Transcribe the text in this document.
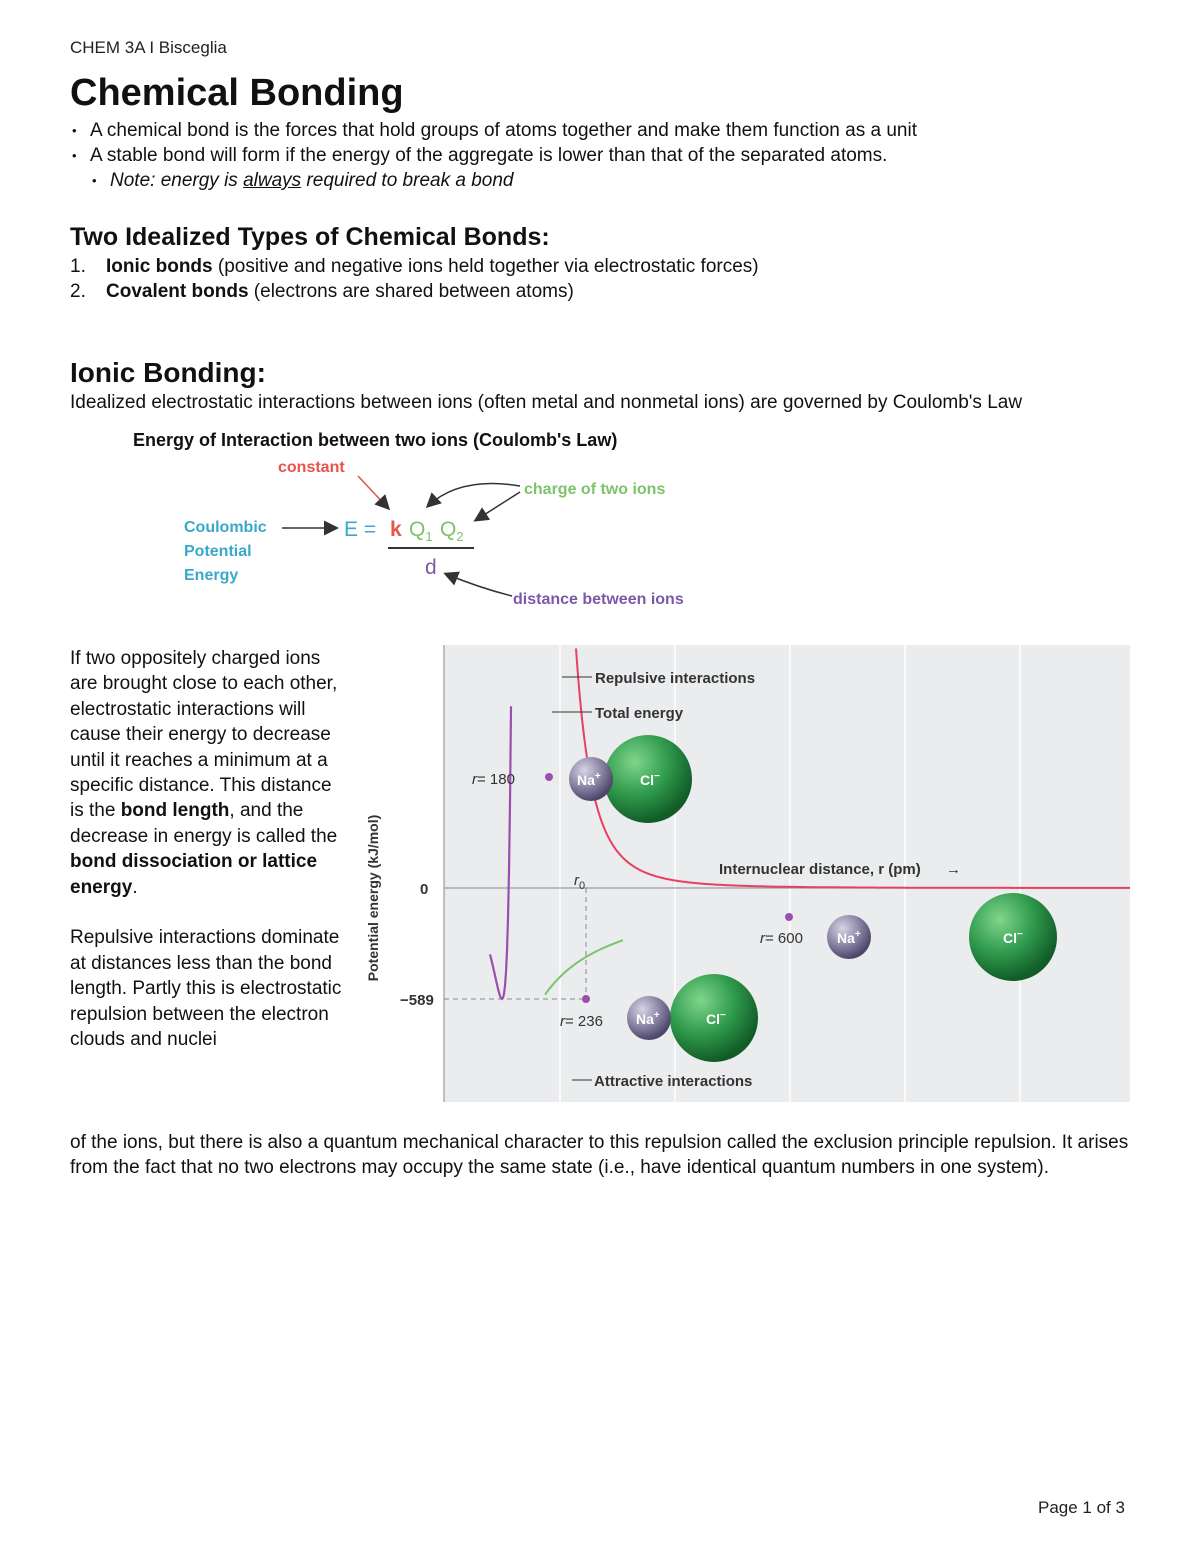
CHEM 3A I Bisceglia
Chemical Bonding
• A chemical bond is the forces that hold groups of atoms together and make them function as a unit
• A stable bond will form if the energy of the aggregate is lower than that of the separated atoms.
• Note: energy is always required to break a bond
Two Idealized Types of Chemical Bonds:
1. Ionic bonds (positive and negative ions held together via electrostatic forces)
2. Covalent bonds (electrons are shared between atoms)
Ionic Bonding:

Idealized electrostatic interactions between ions (often metal and nonmetal ions) are governed by Coulomb's Law

Energy of Interaction between two ions (Coulomb's Law)
constant
charge of two ions
Coulombic
Potential
Energy
E = k $Q_1$ $Q_2$
d
distance between ions

If two oppositely charged ions are brought close to each other, electrostatic interactions will cause their energy to decrease until it reaches a minimum at a specific distance. This distance is the bond length, and the decrease in energy is called the bond dissociation or lattice energy.

Repulsive interactions dominate at distances less than the bond length. Partly this is electrostatic repulsion between the electron clouds and nuclei

Potential energy (kJ/mol)	0
−589
Repulsive interactions
Total energy
Attractive interactions
Internuclear distance, r (pm) →
$r_0$
r= 180
r= 236
r= 600
Na+	Cl−
Na+	Cl−
Na+	Cl−

of the ions, but there is also a quantum mechanical character to this repulsion called the exclusion principle repulsion. It arises from the fact that no two electrons may occupy the same state (i.e., have identical quantum numbers in one system).

Page 1 of 3
